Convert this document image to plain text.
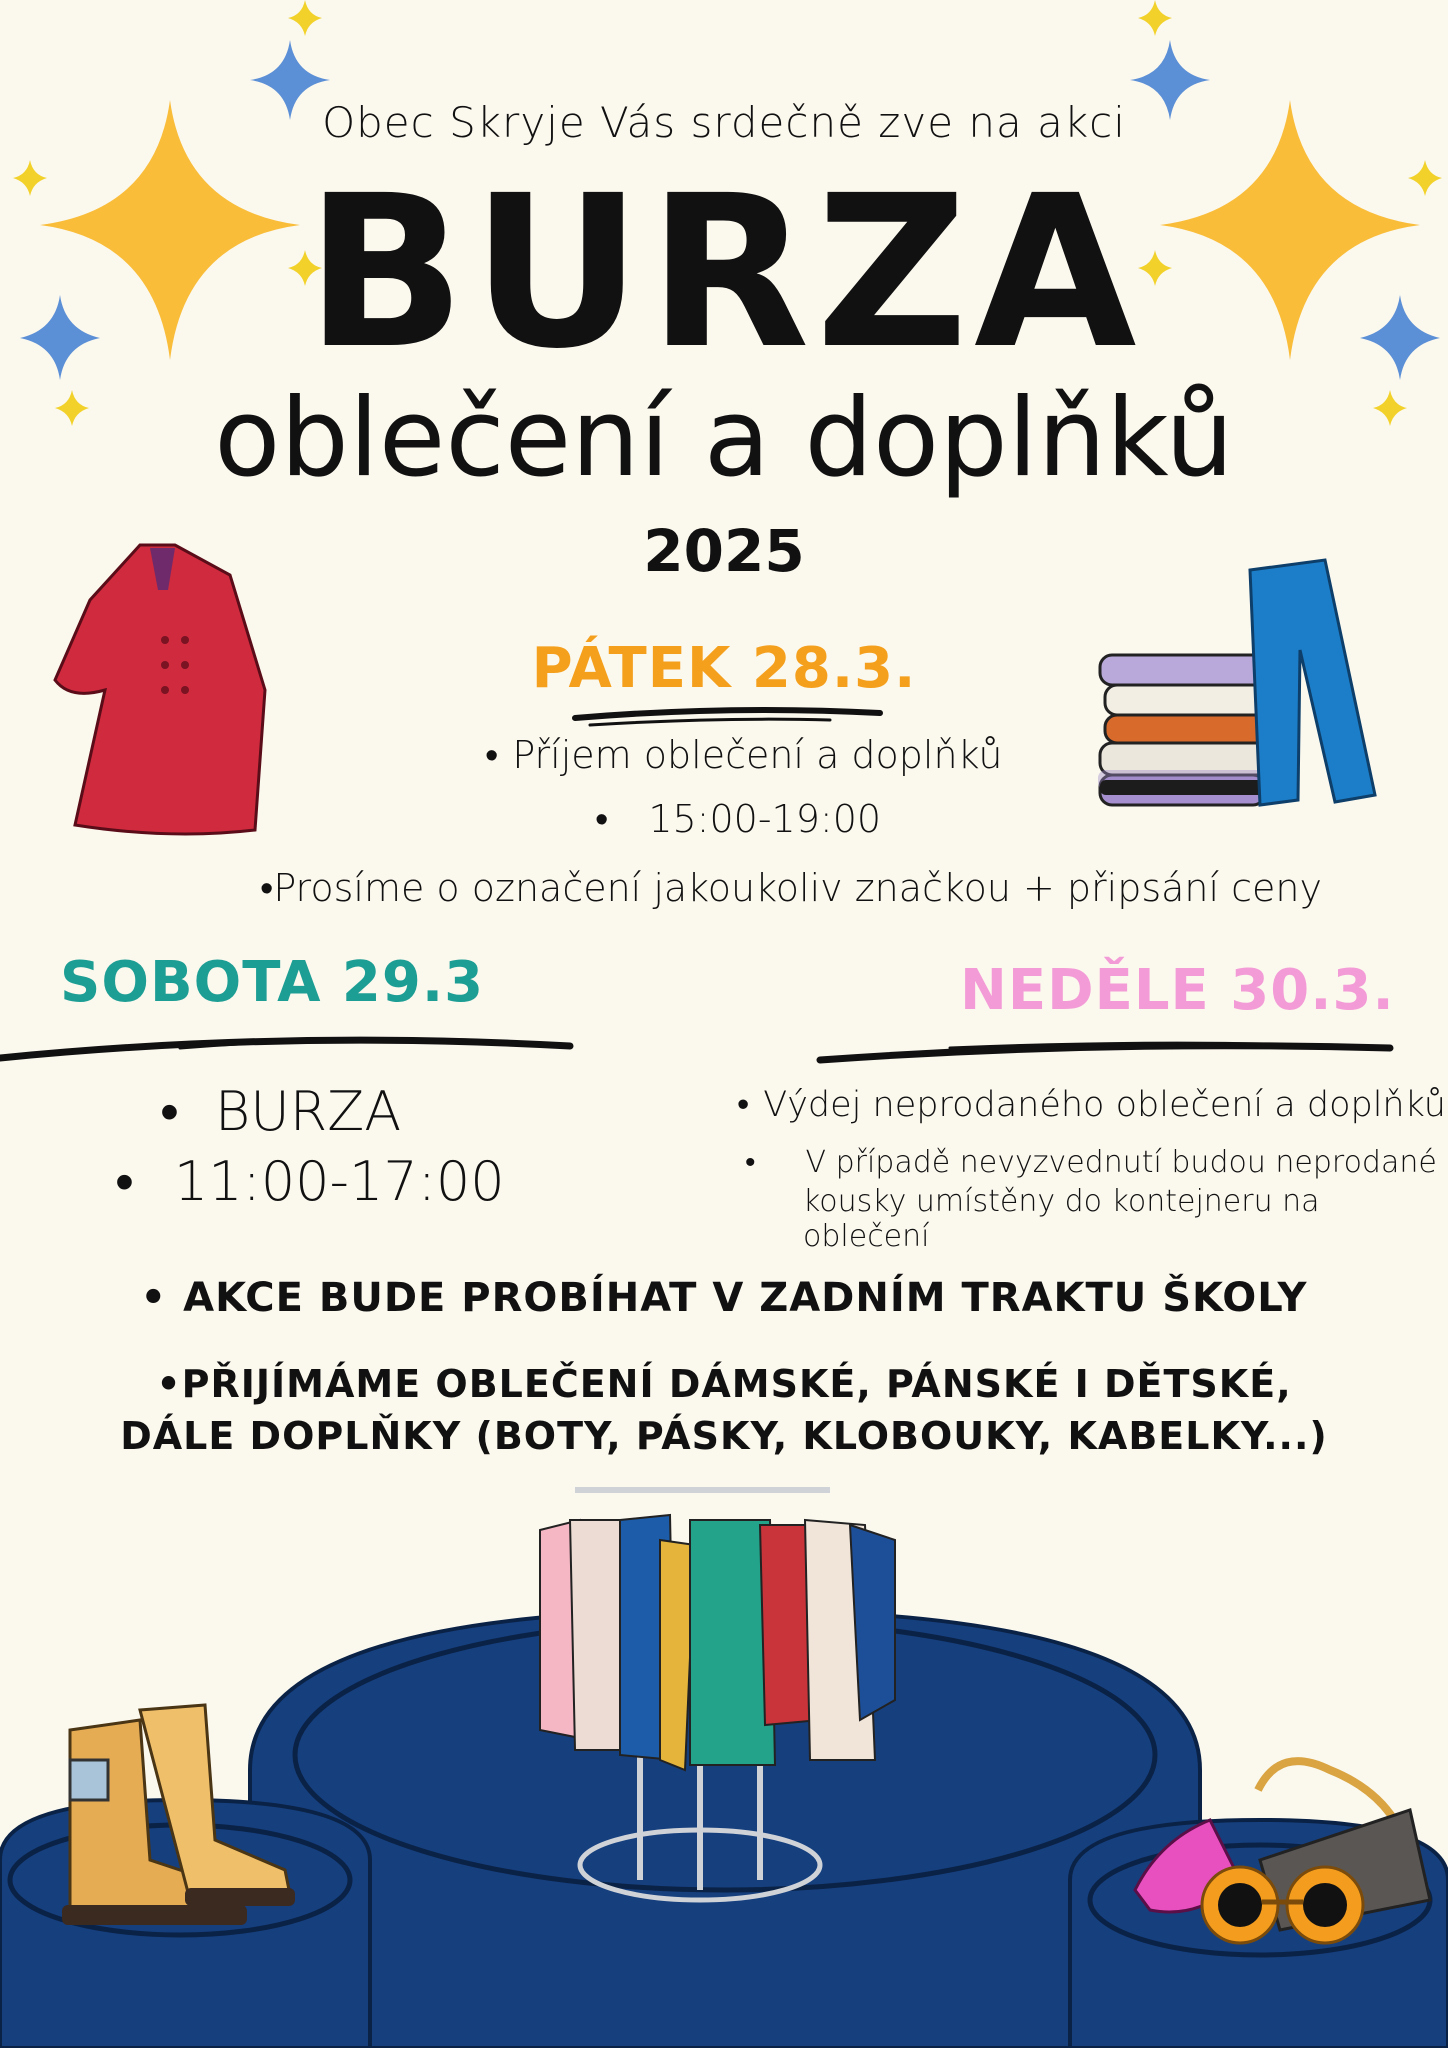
Obec Skryje Vás srdečně zve na akci
BURZA
oblečení a doplňků
2025
PÁTEK 28.3.
• Příjem oblečení a doplňků
• 15:00-19:00
•Prosíme o označení jakoukoliv značkou + připsání ceny
SOBOTA 29.3
• BURZA
• 11:00-17:00
NEDĚLE 30.3.
• Výdej neprodaného oblečení a doplňků
• V případě nevyzvednutí budou neprodané
kousky umístěny do kontejneru na oblečení
• AKCE BUDE PROBÍHAT V ZADNÍM TRAKTU ŠKOLY
•PŘIJÍMÁME OBLEČENÍ DÁMSKÉ, PÁNSKÉ I DĚTSKÉ,
DÁLE DOPLŇKY (BOTY, PÁSKY, KLOBOUKY, KABELKY...)
